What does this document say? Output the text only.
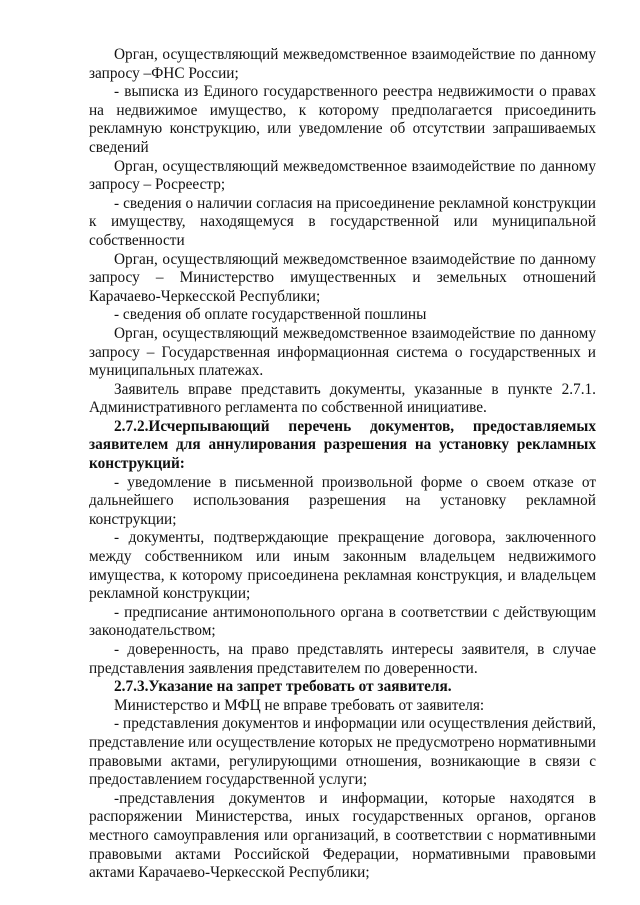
Орган, осуществляющий межведомственное взаимодействие по данному запросу –ФНС России;

- выписка из Единого государственного реестра недвижимости о правах на недвижимое имущество, к которому предполагается присоединить рекламную конструкцию, или уведомление об отсутствии запрашиваемых сведений

Орган, осуществляющий межведомственное взаимодействие по данному запросу – Росреестр;

- сведения о наличии согласия на присоединение рекламной конструкции к имуществу, находящемуся в государственной или муниципальной собственности

Орган, осуществляющий межведомственное взаимодействие по данному запросу – Министерство имущественных и земельных отношений Карачаево-Черкесской Республики;

- сведения об оплате государственной пошлины

Орган, осуществляющий межведомственное взаимодействие по данному запросу – Государственная информационная система о государственных и муниципальных платежах.

Заявитель вправе представить документы, указанные в пункте 2.7.1. Административного регламента по собственной инициативе.

2.7.2.Исчерпывающий перечень документов, предоставляемых заявителем для аннулирования разрешения на установку рекламных конструкций:

- уведомление в письменной произвольной форме о своем отказе от дальнейшего использования разрешения на установку рекламной конструкции;

- документы, подтверждающие прекращение договора, заключенного между собственником или иным законным владельцем недвижимого имущества, к которому присоединена рекламная конструкция, и владельцем рекламной конструкции;

- предписание антимонопольного органа в соответствии с действующим законодательством;

- доверенность, на право представлять интересы заявителя, в случае представления заявления представителем по доверенности.

2.7.3.Указание на запрет требовать от заявителя.

Министерство и МФЦ не вправе требовать от заявителя:

- представления документов и информации или осуществления действий, представление или осуществление которых не предусмотрено нормативными правовыми актами, регулирующими отношения, возникающие в связи с предоставлением государственной услуги;

-представления документов и информации, которые находятся в распоряжении Министерства, иных государственных органов, органов местного самоуправления или организаций, в соответствии с нормативными правовыми актами Российской Федерации, нормативными правовыми актами Карачаево-Черкесской Республики;
